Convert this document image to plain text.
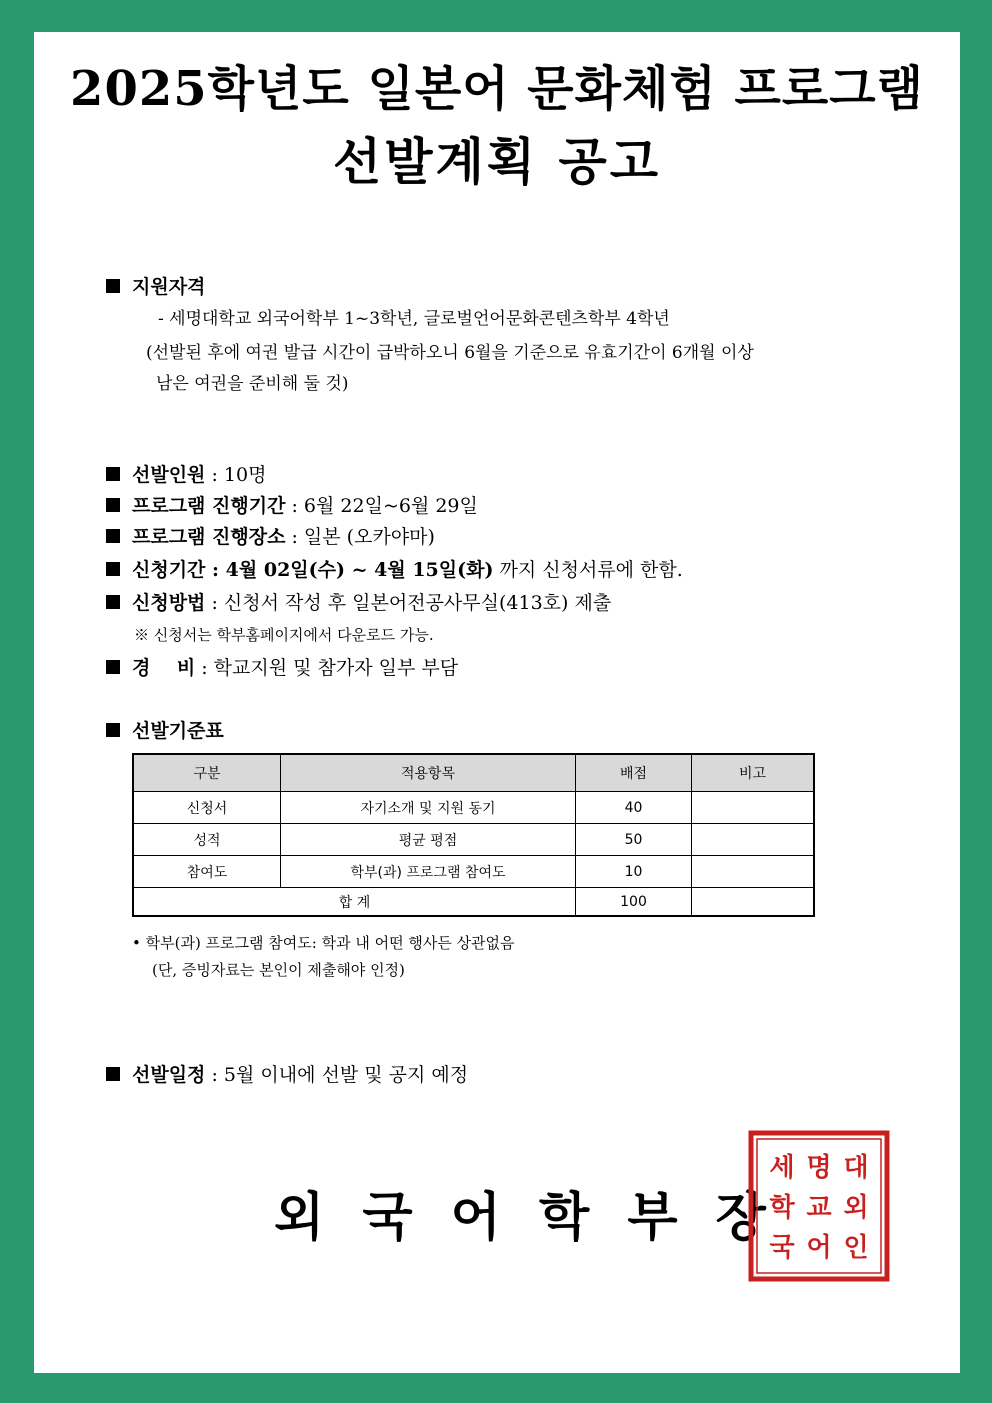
2025학년도 일본어 문화체험 프로그램
선발계획 공고
지원자격
- 세명대학교 외국어학부 1~3학년, 글로벌언어문화콘텐츠학부 4학년
(선발된 후에 여권 발급 시간이 급박하오니 6월을 기준으로 유효기간이 6개월 이상
남은 여권을 준비해 둘 것)
선발인원 : 10명
프로그램 진행기간 : 6월 22일~6월 29일
프로그램 진행장소 : 일본 (오카야마)
신청기간 : 4월 02일(수) ~ 4월 15일(화) 까지 신청서류에 한함.
신청방법 : 신청서 작성 후 일본어전공사무실(413호) 제출
※ 신청서는 학부홈페이지에서 다운로드 가능.
경    비 : 학교지원 및 참가자 일부 부담
선발기준표
구분	적용항목	배점	비고
신청서	자기소개 및 지원 동기	40	
성적	평균 평점	50	
참여도	학부(과) 프로그램 참여도	10	
합 계		100	
• 학부(과) 프로그램 참여도: 학과 내 어떤 행사든 상관없음
(단, 증빙자료는 본인이 제출해야 인정)
선발일정 : 5월 이내에 선발 및 공지 예정
외 국 어 학 부 장
세 명 대
학 교 외
국 어 인
